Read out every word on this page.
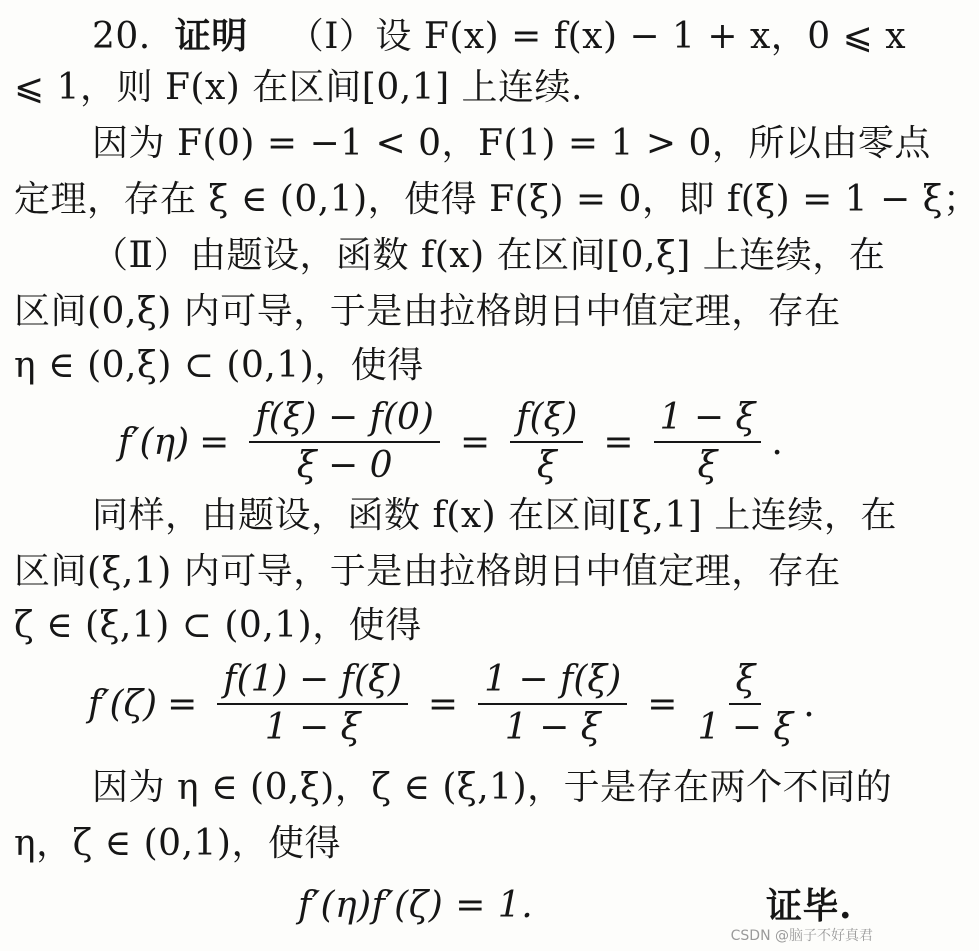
20. 证明 （Ⅰ）设 F(x) = f(x) − 1 + x，0 ⩽ x
⩽ 1，则 F(x) 在区间[0,1] 上连续.
因为 F(0) = −1 < 0，F(1) = 1 > 0，所以由零点
定理，存在 ξ ∈ (0,1)，使得 F(ξ) = 0，即 f(ξ) = 1 − ξ；
（Ⅱ）由题设，函数 f(x) 在区间[0,ξ] 上连续，在
区间(0,ξ) 内可导，于是由拉格朗日中值定理，存在
η ∈ (0,ξ) ⊂ (0,1)，使得
$f'(\eta) = \frac{f(\xi) - f(0)}{\xi - 0} = \frac{f(\xi)}{\xi} = \frac{1 - \xi}{\xi}$ .
同样，由题设，函数 f(x) 在区间[ξ,1] 上连续，在
区间(ξ,1) 内可导，于是由拉格朗日中值定理，存在
ζ ∈ (ξ,1) ⊂ (0,1)，使得
$f'(\zeta) = \frac{f(1) - f(\xi)}{1 - \xi} = \frac{1 - f(\xi)}{1 - \xi} = \frac{\xi}{1 - \xi}$ .
因为 η ∈ (0,ξ)，ζ ∈ (ξ,1)，于是存在两个不同的
η，ζ ∈ (0,1)，使得
f′(η)f′(ζ) = 1.	证毕.
CSDN @脑子不好真君
